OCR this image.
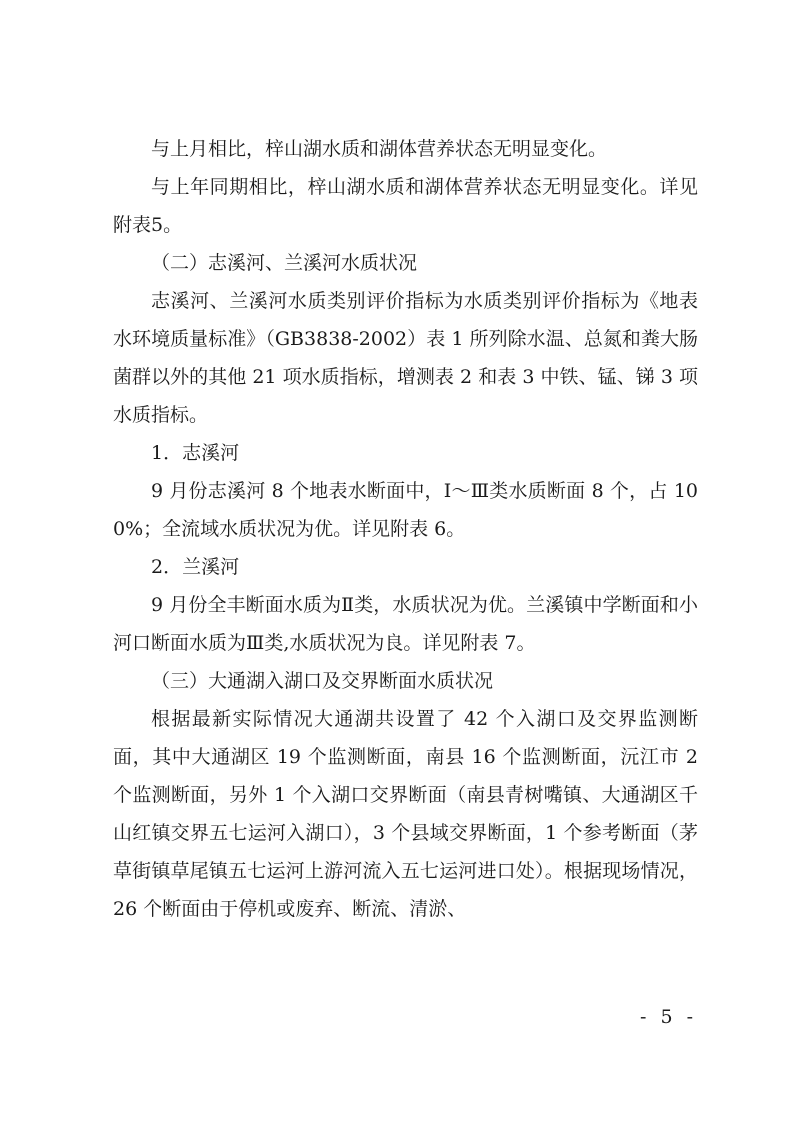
与上月相比，梓山湖水质和湖体营养状态无明显变化。

与上年同期相比，梓山湖水质和湖体营养状态无明显变化。详见附表5。

（二）志溪河、兰溪河水质状况

志溪河、兰溪河水质类别评价指标为水质类别评价指标为《地表水环境质量标准》（GB3838-2002）表 1 所列除水温、总氮和粪大肠菌群以外的其他 21 项水质指标，增测表 2 和表 3 中铁、锰、锑 3 项水质指标。

1．志溪河

9 月份志溪河 8 个地表水断面中，Ⅰ～Ⅲ类水质断面 8 个，占 100%；全流域水质状况为优。详见附表 6。

2．兰溪河

9 月份全丰断面水质为Ⅱ类，水质状况为优。兰溪镇中学断面和小河口断面水质为Ⅲ类,水质状况为良。详见附表 7。

（三）大通湖入湖口及交界断面水质状况

根据最新实际情况大通湖共设置了 42 个入湖口及交界监测断面，其中大通湖区 19 个监测断面，南县 16 个监测断面，沅江市 2 个监测断面，另外 1 个入湖口交界断面（南县青树嘴镇、大通湖区千山红镇交界五七运河入湖口），3 个县域交界断面，1 个参考断面（茅草街镇草尾镇五七运河上游河流入五七运河进口处）。根据现场情况，26 个断面由于停机或废弃、断流、清淤、

- 5 -
